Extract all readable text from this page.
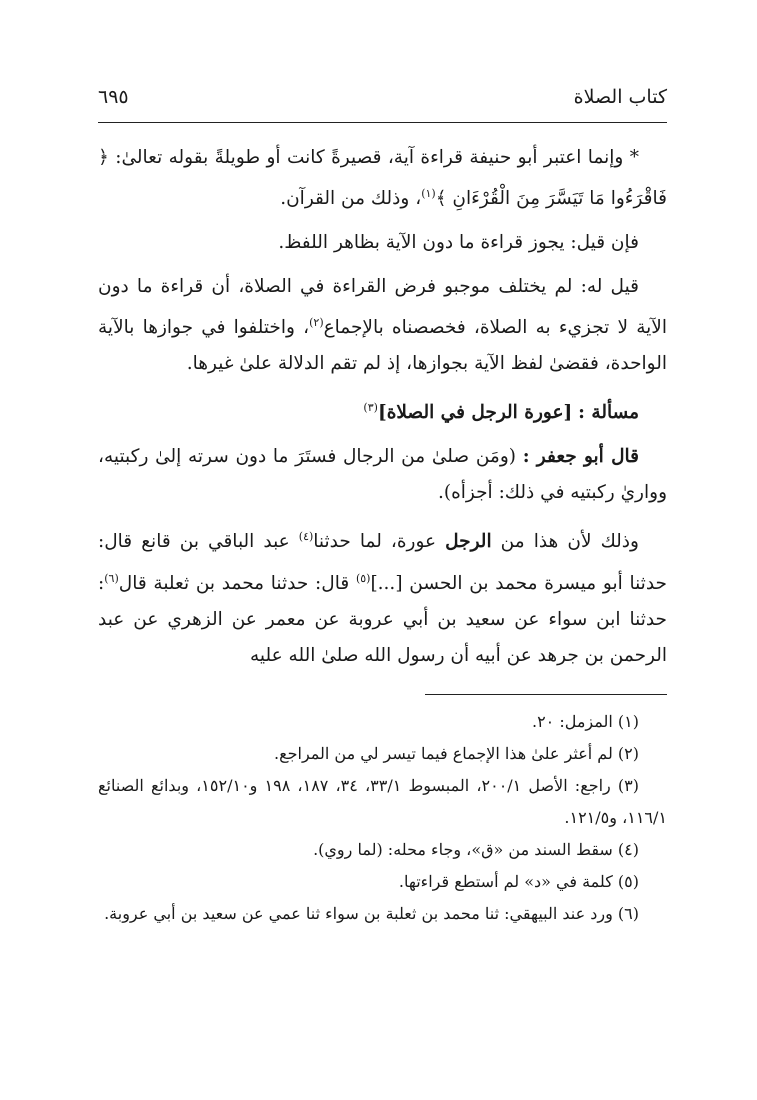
كتاب الصلاة
٦٩٥

* وإنما اعتبر أبو حنيفة قراءة آية، قصيرةً كانت أو طويلةً بقوله تعالىٰ: ﴿ فَاقْرَءُوا مَا تَيَسَّرَ مِنَ الْقُرْءَانِ ﴾$^{(١)}$، وذلك من القرآن.

فإن قيل: يجوز قراءة ما دون الآية بظاهر اللفظ.

قيل له: لم يختلف موجبو فرض القراءة في الصلاة، أن قراءة ما دون الآية لا تجزيء به الصلاة، فخصصناه بالإجماع$^{(٢)}$، واختلفوا في جوازها بالآية الواحدة، فقضىٰ لفظ الآية بجوازها، إذ لم تقم الدلالة علىٰ غيرها.

مسألة : [عورة الرجل في الصلاة]$^{(٣)}$

قال أبو جعفر : (ومَن صلىٰ من الرجال فستَرَ ما دون سرته إلىٰ ركبتيه، وواريٰ ركبتيه في ذلك: أجزأه).

وذلك لأن هذا من الرجل عورة، لما حدثنا$^{(٤)}$ عبد الباقي بن قانع قال: حدثنا أبو ميسرة محمد بن الحسن [...]$^{(٥)}$ قال: حدثنا محمد بن ثعلبة قال$^{(٦)}$: حدثنا ابن سواء عن سعيد بن أبي عروبة عن معمر عن الزهري عن عبد الرحمن بن جرهد عن أبيه أن رسول الله صلىٰ الله عليه

(١) المزمل: ٢٠.

(٢) لم أعثر علىٰ هذا الإجماع فيما تيسر لي من المراجع.

(٣) راجع: الأصل ٢٠٠/١، المبسوط ٣٣/١، ٣٤، ١٨٧، ١٩٨ و١٥٢/١٠، وبدائع الصنائع ١١٦/١، و١٢١/٥.

(٤) سقط السند من «ق»، وجاء محله: (لما روي).

(٥) كلمة في «د» لم أستطع قراءتها.

(٦) ورد عند البيهقي: ثنا محمد بن ثعلبة بن سواء ثنا عمي عن سعيد بن أبي عروبة.
